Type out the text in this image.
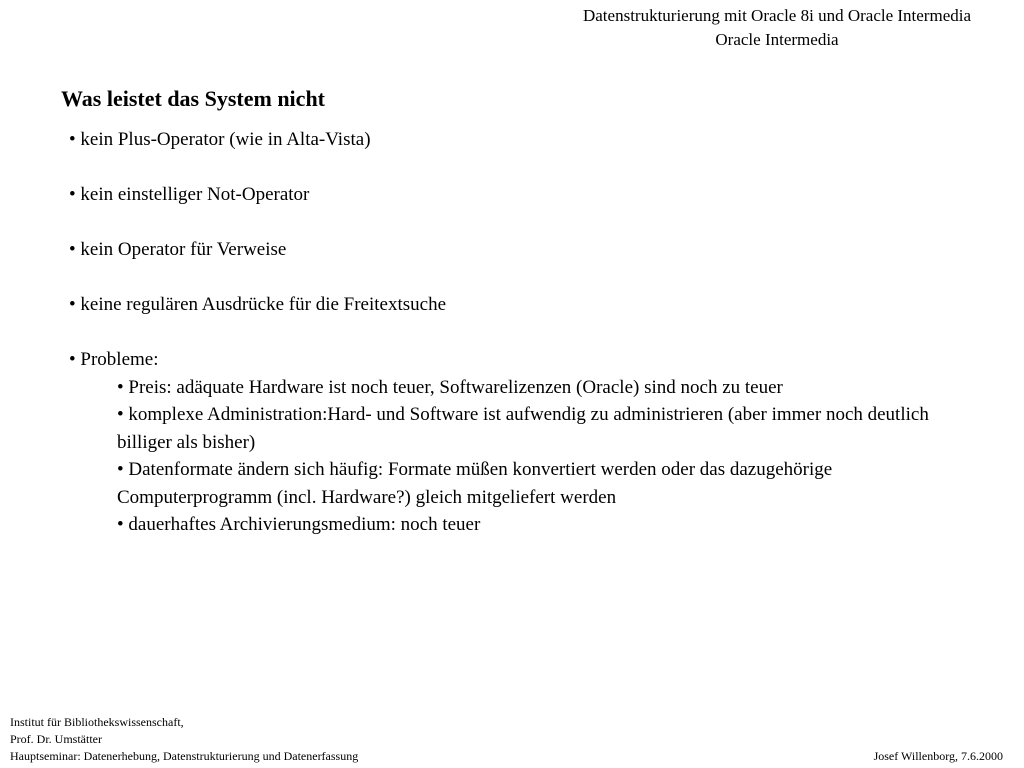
Datenstrukturierung mit Oracle 8i und Oracle Intermedia
Oracle Intermedia
Was leistet das System nicht
• kein Plus-Operator (wie in Alta-Vista)
• kein einstelliger Not-Operator
• kein Operator für Verweise
• keine regulären Ausdrücke für die Freitextsuche
• Probleme:
• Preis: adäquate Hardware ist noch teuer, Softwarelizenzen (Oracle) sind noch zu teuer
• komplexe Administration:Hard- und Software ist aufwendig zu administrieren (aber immer noch deutlich billiger als bisher)
• Datenformate ändern sich häufig: Formate müßen konvertiert werden oder das dazugehörige Computerprogramm (incl. Hardware?) gleich mitgeliefert werden
• dauerhaftes Archivierungsmedium: noch teuer
Institut für Bibliothekswissenschaft,
Prof. Dr. Umstätter
Hauptseminar: Datenerhebung, Datenstrukturierung und Datenerfassung	Josef Willenborg, 7.6.2000
